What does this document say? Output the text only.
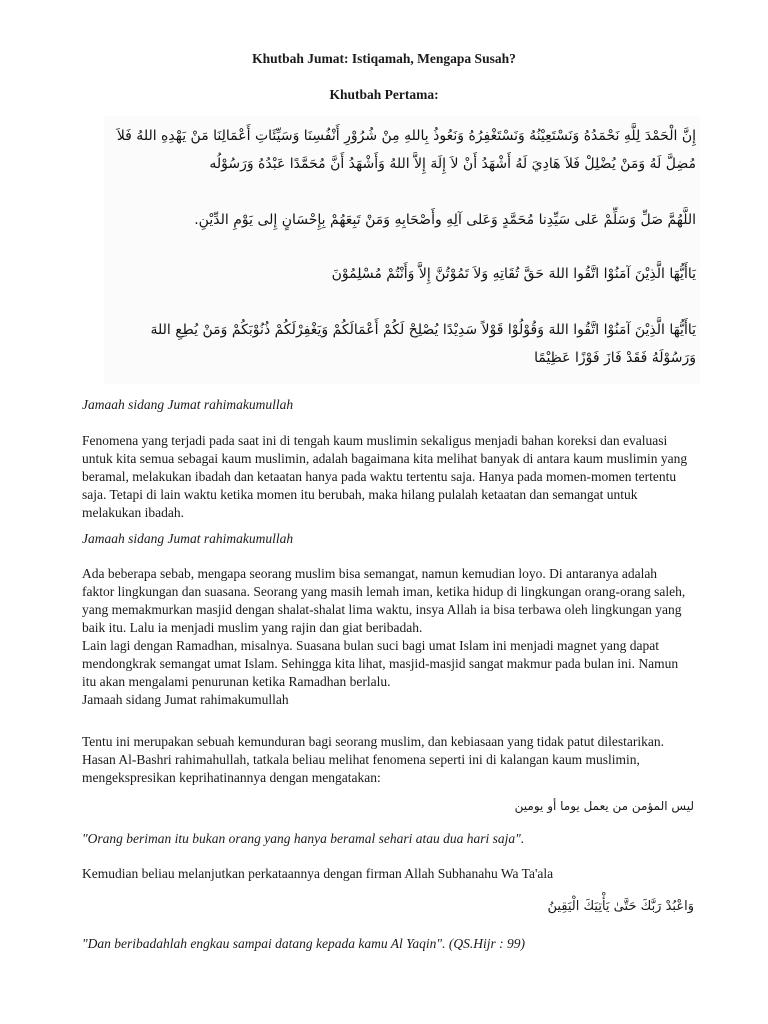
Khutbah Jumat: Istiqamah, Mengapa Susah?
Khutbah Pertama:
إِنَّ الْحَمْدَ لِلَّهِ نَحْمَدُهُ وَنَسْتَعِيْنُهُ وَنَسْتَغْفِرُهُ وَنَعُوذُ بِاللهِ مِنْ شُرُوْرِ أَنْفُسِنَا وَسَيِّئَاتِ أَعْمَالِنَا مَنْ يَهْدِهِ اللهُ فَلاَ مُضِلَّ لَهُ وَمَنْ يُضْلِلْ فَلاَ هَادِيَ لَهُ أَشْهَدُ أَنْ لاَ إِلَهَ إِلاَّ اللهُ وَأَشْهَدُ أَنَّ مُحَمَّدًا عَبْدُهُ وَرَسُوْلُه
اللَّهُمَّ صَلِّ وَسَلِّمْ عَلى سَيِّدِنا مُحَمَّدٍ وَعَلى آلِهِ وأَصْحَابِهِ وَمَنْ تَبِعَهُمْ بِإِحْسَانٍ إِلى يَوْمِ الدِّيْنِ.
يَاأَيُّهَا الَّذِيْنَ آمَنُوْا اتَّقُوا اللهَ حَقَّ تُقَاتِهِ وَلاَ تَمُوْتُنَّ إِلاَّ وَأَنْتُمْ مُسْلِمُوْنَ
يَاأَيُّهَا الَّذِيْنَ آمَنُوْا اتَّقُوا اللهَ وَقُوْلُوْا قَوْلاً سَدِيْدًا يُصْلِحْ لَكُمْ أَعْمَالَكُمْ وَيَغْفِرْلَكُمْ ذُنُوْبَكُمْ وَمَنْ يُطِعِ اللهَ وَرَسُوْلَهُ فَقَدْ فَازَ فَوْزًا عَظِيْمًا
Jamaah sidang Jumat rahimakumullah
Fenomena yang terjadi pada saat ini di tengah kaum muslimin sekaligus menjadi bahan koreksi dan evaluasi untuk kita semua sebagai kaum muslimin, adalah bagaimana kita melihat banyak di antara kaum muslimin yang beramal, melakukan ibadah dan ketaatan hanya pada waktu tertentu saja. Hanya pada momen-momen tertentu saja. Tetapi di lain waktu ketika momen itu berubah, maka hilang pulalah ketaatan dan semangat untuk melakukan ibadah.
Jamaah sidang Jumat rahimakumullah
Ada beberapa sebab, mengapa seorang muslim bisa semangat, namun kemudian loyo. Di antaranya adalah faktor lingkungan dan suasana. Seorang yang masih lemah iman, ketika hidup di lingkungan orang-orang saleh, yang memakmurkan masjid dengan shalat-shalat lima waktu, insya Allah ia bisa terbawa oleh lingkungan yang baik itu. Lalu ia menjadi muslim yang rajin dan giat beribadah.
Lain lagi dengan Ramadhan, misalnya. Suasana bulan suci bagi umat Islam ini menjadi magnet yang dapat mendongkrak semangat umat Islam. Sehingga kita lihat, masjid-masjid sangat makmur pada bulan ini. Namun itu akan mengalami penurunan ketika Ramadhan berlalu.
Jamaah sidang Jumat rahimakumullah
Tentu ini merupakan sebuah kemunduran bagi seorang muslim, dan kebiasaan yang tidak patut dilestarikan. Hasan Al-Bashri rahimahullah, tatkala beliau melihat fenomena seperti ini di kalangan kaum muslimin, mengekspresikan keprihatinannya dengan mengatakan:
ليس المؤمن من يعمل يوما أو يومين
"Orang beriman itu bukan orang yang hanya beramal sehari atau dua hari saja".
Kemudian beliau melanjutkan perkataannya dengan firman Allah Subhanahu Wa Ta'ala
وَاعْبُدْ رَبَّكَ حَتَّىٰ يَأْتِيَكَ الْيَقِينُ
"Dan beribadahlah engkau sampai datang kepada kamu Al Yaqin". (QS.Hijr : 99)
